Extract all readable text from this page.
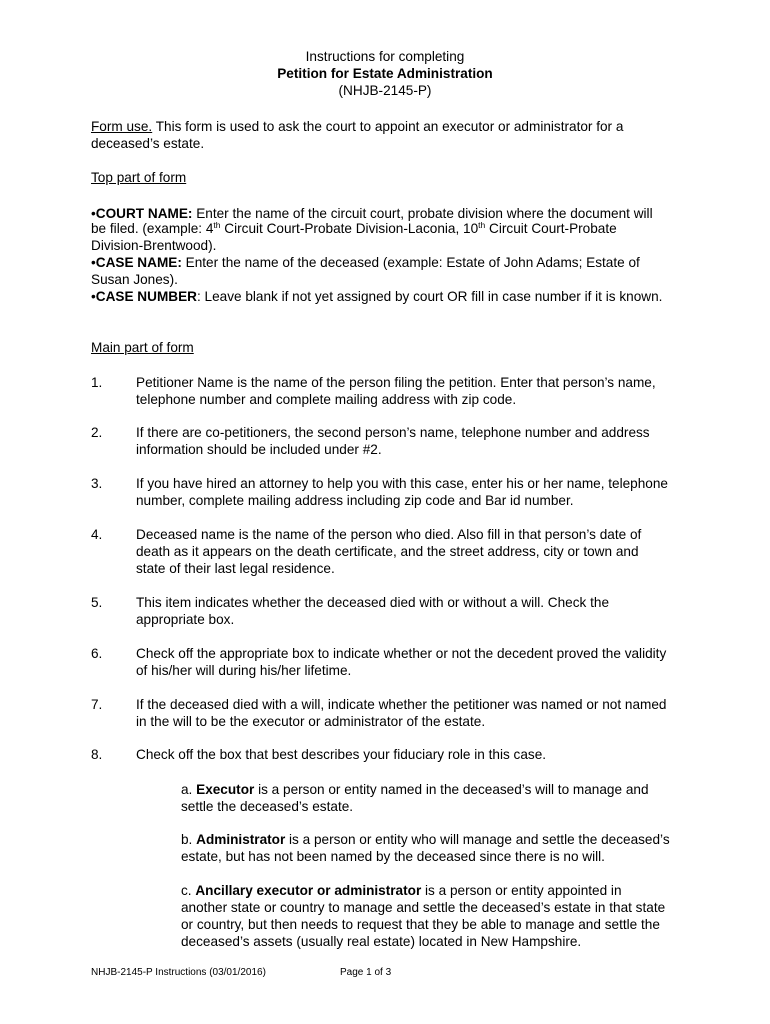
Instructions for completing
Petition for Estate Administration
(NHJB-2145-P)
Form use. This form is used to ask the court to appoint an executor or administrator for a
deceased’s estate.
Top part of form
•COURT NAME: Enter the name of the circuit court, probate division where the document will
be filed. (example: 4th Circuit Court-Probate Division-Laconia, 10th Circuit Court-Probate
Division-Brentwood).
•CASE NAME: Enter the name of the deceased (example: Estate of John Adams; Estate of
Susan Jones).
•CASE NUMBER: Leave blank if not yet assigned by court OR fill in case number if it is known.
Main part of form
1. Petitioner Name is the name of the person filing the petition. Enter that person’s name,
telephone number and complete mailing address with zip code.
2. If there are co-petitioners, the second person’s name, telephone number and address
information should be included under #2.
3. If you have hired an attorney to help you with this case, enter his or her name, telephone
number, complete mailing address including zip code and Bar id number.
4. Deceased name is the name of the person who died. Also fill in that person’s date of
death as it appears on the death certificate, and the street address, city or town and
state of their last legal residence.
5. This item indicates whether the deceased died with or without a will. Check the
appropriate box.
6. Check off the appropriate box to indicate whether or not the decedent proved the validity
of his/her will during his/her lifetime.
7. If the deceased died with a will, indicate whether the petitioner was named or not named
in the will to be the executor or administrator of the estate.
8. Check off the box that best describes your fiduciary role in this case.
a. Executor is a person or entity named in the deceased’s will to manage and
settle the deceased’s estate.
b. Administrator is a person or entity who will manage and settle the deceased’s
estate, but has not been named by the deceased since there is no will.
c. Ancillary executor or administrator is a person or entity appointed in
another state or country to manage and settle the deceased’s estate in that state
or country, but then needs to request that they be able to manage and settle the
deceased’s assets (usually real estate) located in New Hampshire.
NHJB-2145-P Instructions (03/01/2016)	Page 1 of 3
